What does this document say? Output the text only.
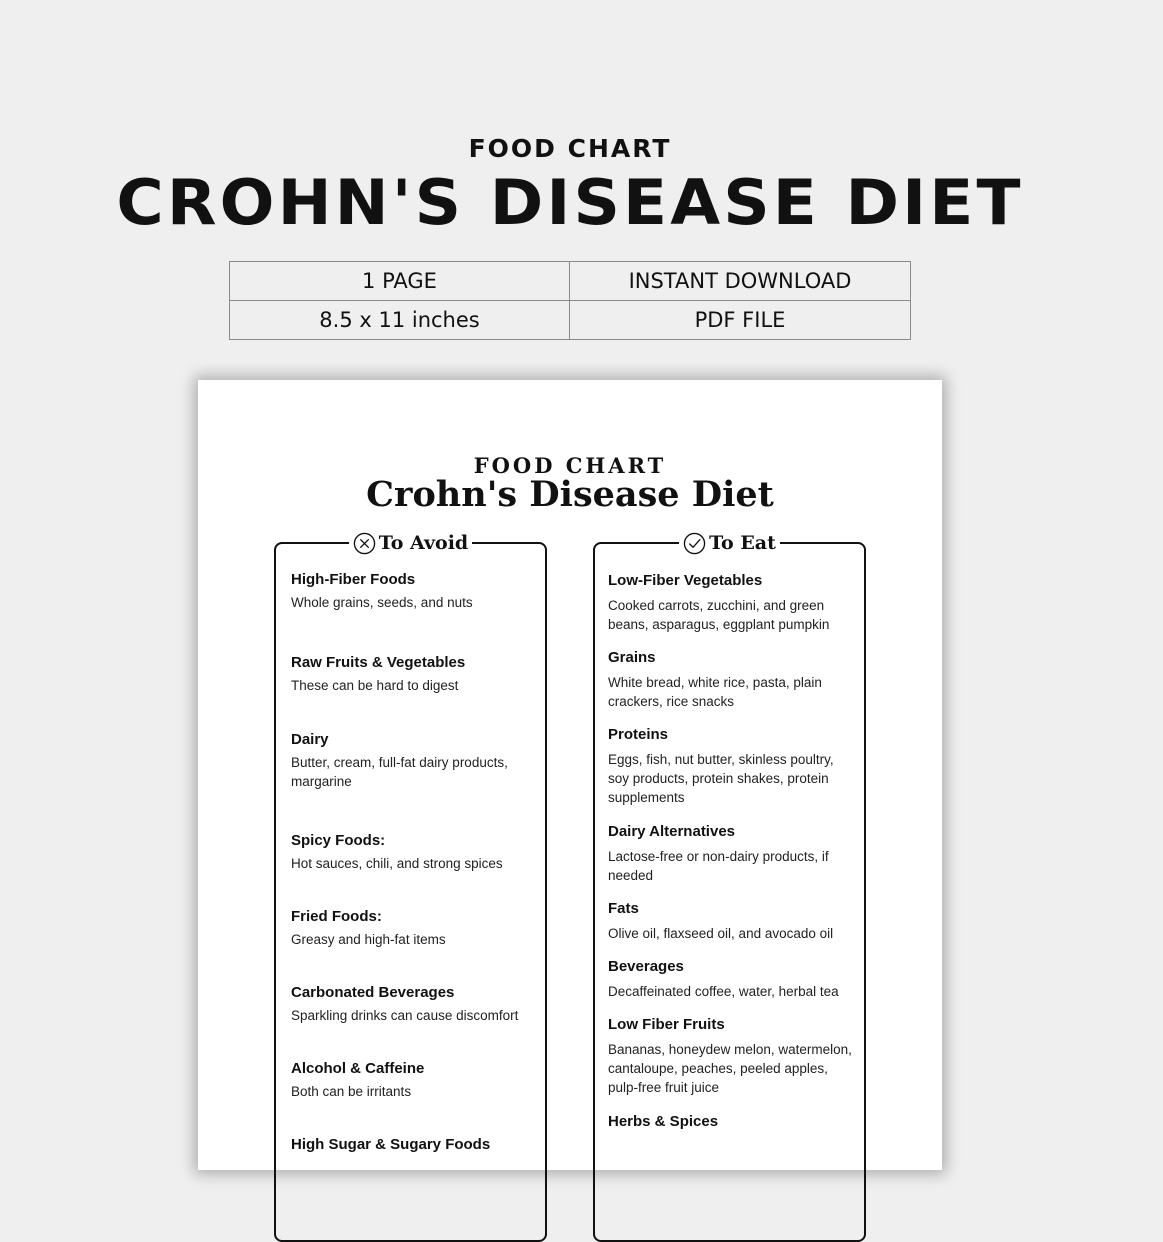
FOOD CHART
CROHN'S DISEASE DIET
1 PAGE	INSTANT DOWNLOAD
8.5 x 11 inches	PDF FILE
FOOD CHART
Crohn's Disease Diet
To Avoid
High-Fiber Foods
Whole grains, seeds, and nuts
Raw Fruits & Vegetables
These can be hard to digest
Dairy
Butter, cream, full-fat dairy products, margarine
Spicy Foods:
Hot sauces, chili, and strong spices
Fried Foods:
Greasy and high-fat items
Carbonated Beverages
Sparkling drinks can cause discomfort
Alcohol & Caffeine
Both can be irritants
High Sugar & Sugary Foods
To Eat
Low-Fiber Vegetables
Cooked carrots, zucchini, and green beans, asparagus, eggplant pumpkin
Grains
White bread, white rice, pasta, plain crackers, rice snacks
Proteins
Eggs, fish, nut butter, skinless poultry, soy products, protein shakes, protein supplements
Dairy Alternatives
Lactose-free or non-dairy products, if needed
Fats
Olive oil, flaxseed oil, and avocado oil
Beverages
Decaffeinated coffee, water, herbal tea
Low Fiber Fruits
Bananas, honeydew melon, watermelon, cantaloupe, peaches, peeled apples, pulp-free fruit juice
Herbs & Spices
